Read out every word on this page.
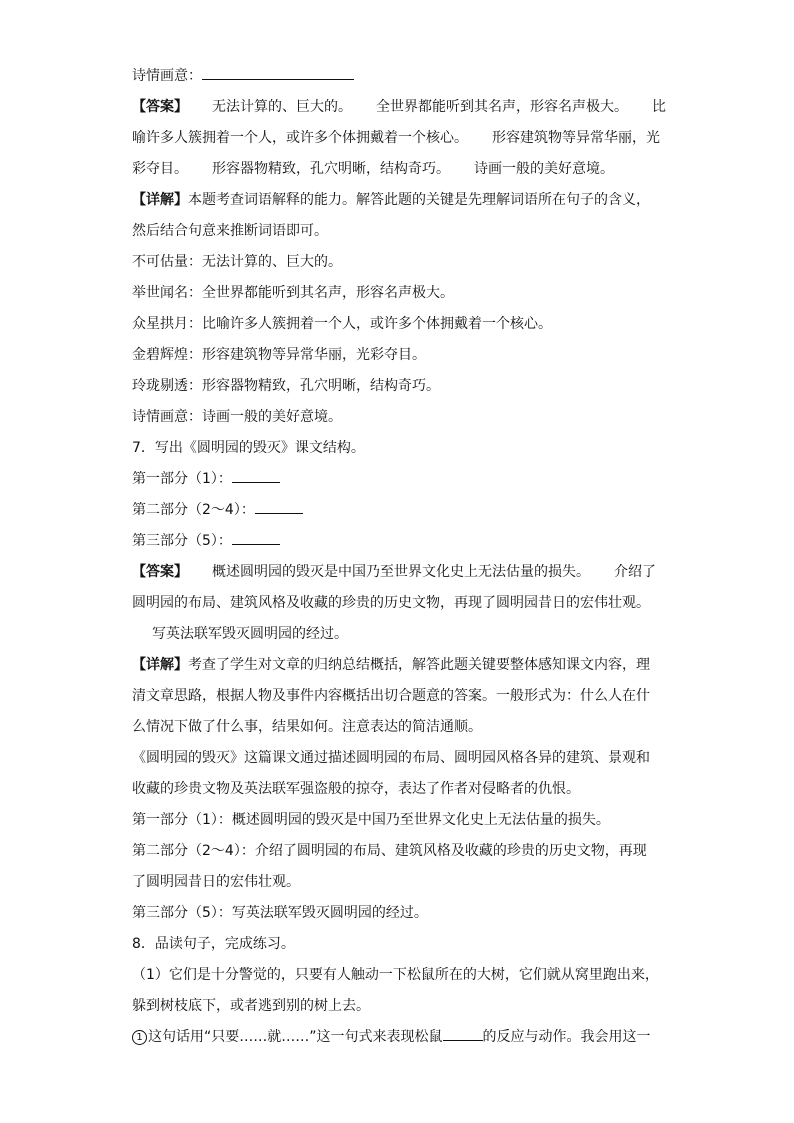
诗情画意：
【答案】 无法计算的、巨大的。 全世界都能听到其名声，形容名声极大。 比
喻许多人簇拥着一个人，或许多个体拥戴着一个核心。 形容建筑物等异常华丽，光
彩夺目。 形容器物精致，孔穴明晰，结构奇巧。 诗画一般的美好意境。
【详解】本题考查词语解释的能力。解答此题的关键是先理解词语所在句子的含义，
然后结合句意来推断词语即可。
不可估量：无法计算的、巨大的。
举世闻名：全世界都能听到其名声，形容名声极大。
众星拱月：比喻许多人簇拥着一个人，或许多个体拥戴着一个核心。
金碧辉煌：形容建筑物等异常华丽，光彩夺目。
玲珑剔透：形容器物精致，孔穴明晰，结构奇巧。
诗情画意：诗画一般的美好意境。
7．写出《圆明园的毁灭》课文结构。
第一部分（1）：
第二部分（2～4）：
第三部分（5）：
【答案】 概述圆明园的毁灭是中国乃至世界文化史上无法估量的损失。 介绍了
圆明园的布局、建筑风格及收藏的珍贵的历史文物，再现了圆明园昔日的宏伟壮观。
写英法联军毁灭圆明园的经过。
【详解】考查了学生对文章的归纳总结概括，解答此题关键要整体感知课文内容，理
清文章思路，根据人物及事件内容概括出切合题意的答案。一般形式为：什么人在什
么情况下做了什么事，结果如何。注意表达的简洁通顺。
《圆明园的毁灭》这篇课文通过描述圆明园的布局、圆明园风格各异的建筑、景观和
收藏的珍贵文物及英法联军强盗般的掠夺，表达了作者对侵略者的仇恨。
第一部分（1）：概述圆明园的毁灭是中国乃至世界文化史上无法估量的损失。
第二部分（2～4）：介绍了圆明园的布局、建筑风格及收藏的珍贵的历史文物，再现
了圆明园昔日的宏伟壮观。
第三部分（5）：写英法联军毁灭圆明园的经过。
8．品读句子，完成练习。
（1）它们是十分警觉的，只要有人触动一下松鼠所在的大树，它们就从窝里跑出来，
躲到树枝底下，或者逃到别的树上去。
1 这句话用“只要……就……”这一句式来表现松鼠	的反应与动作。我会用这一
